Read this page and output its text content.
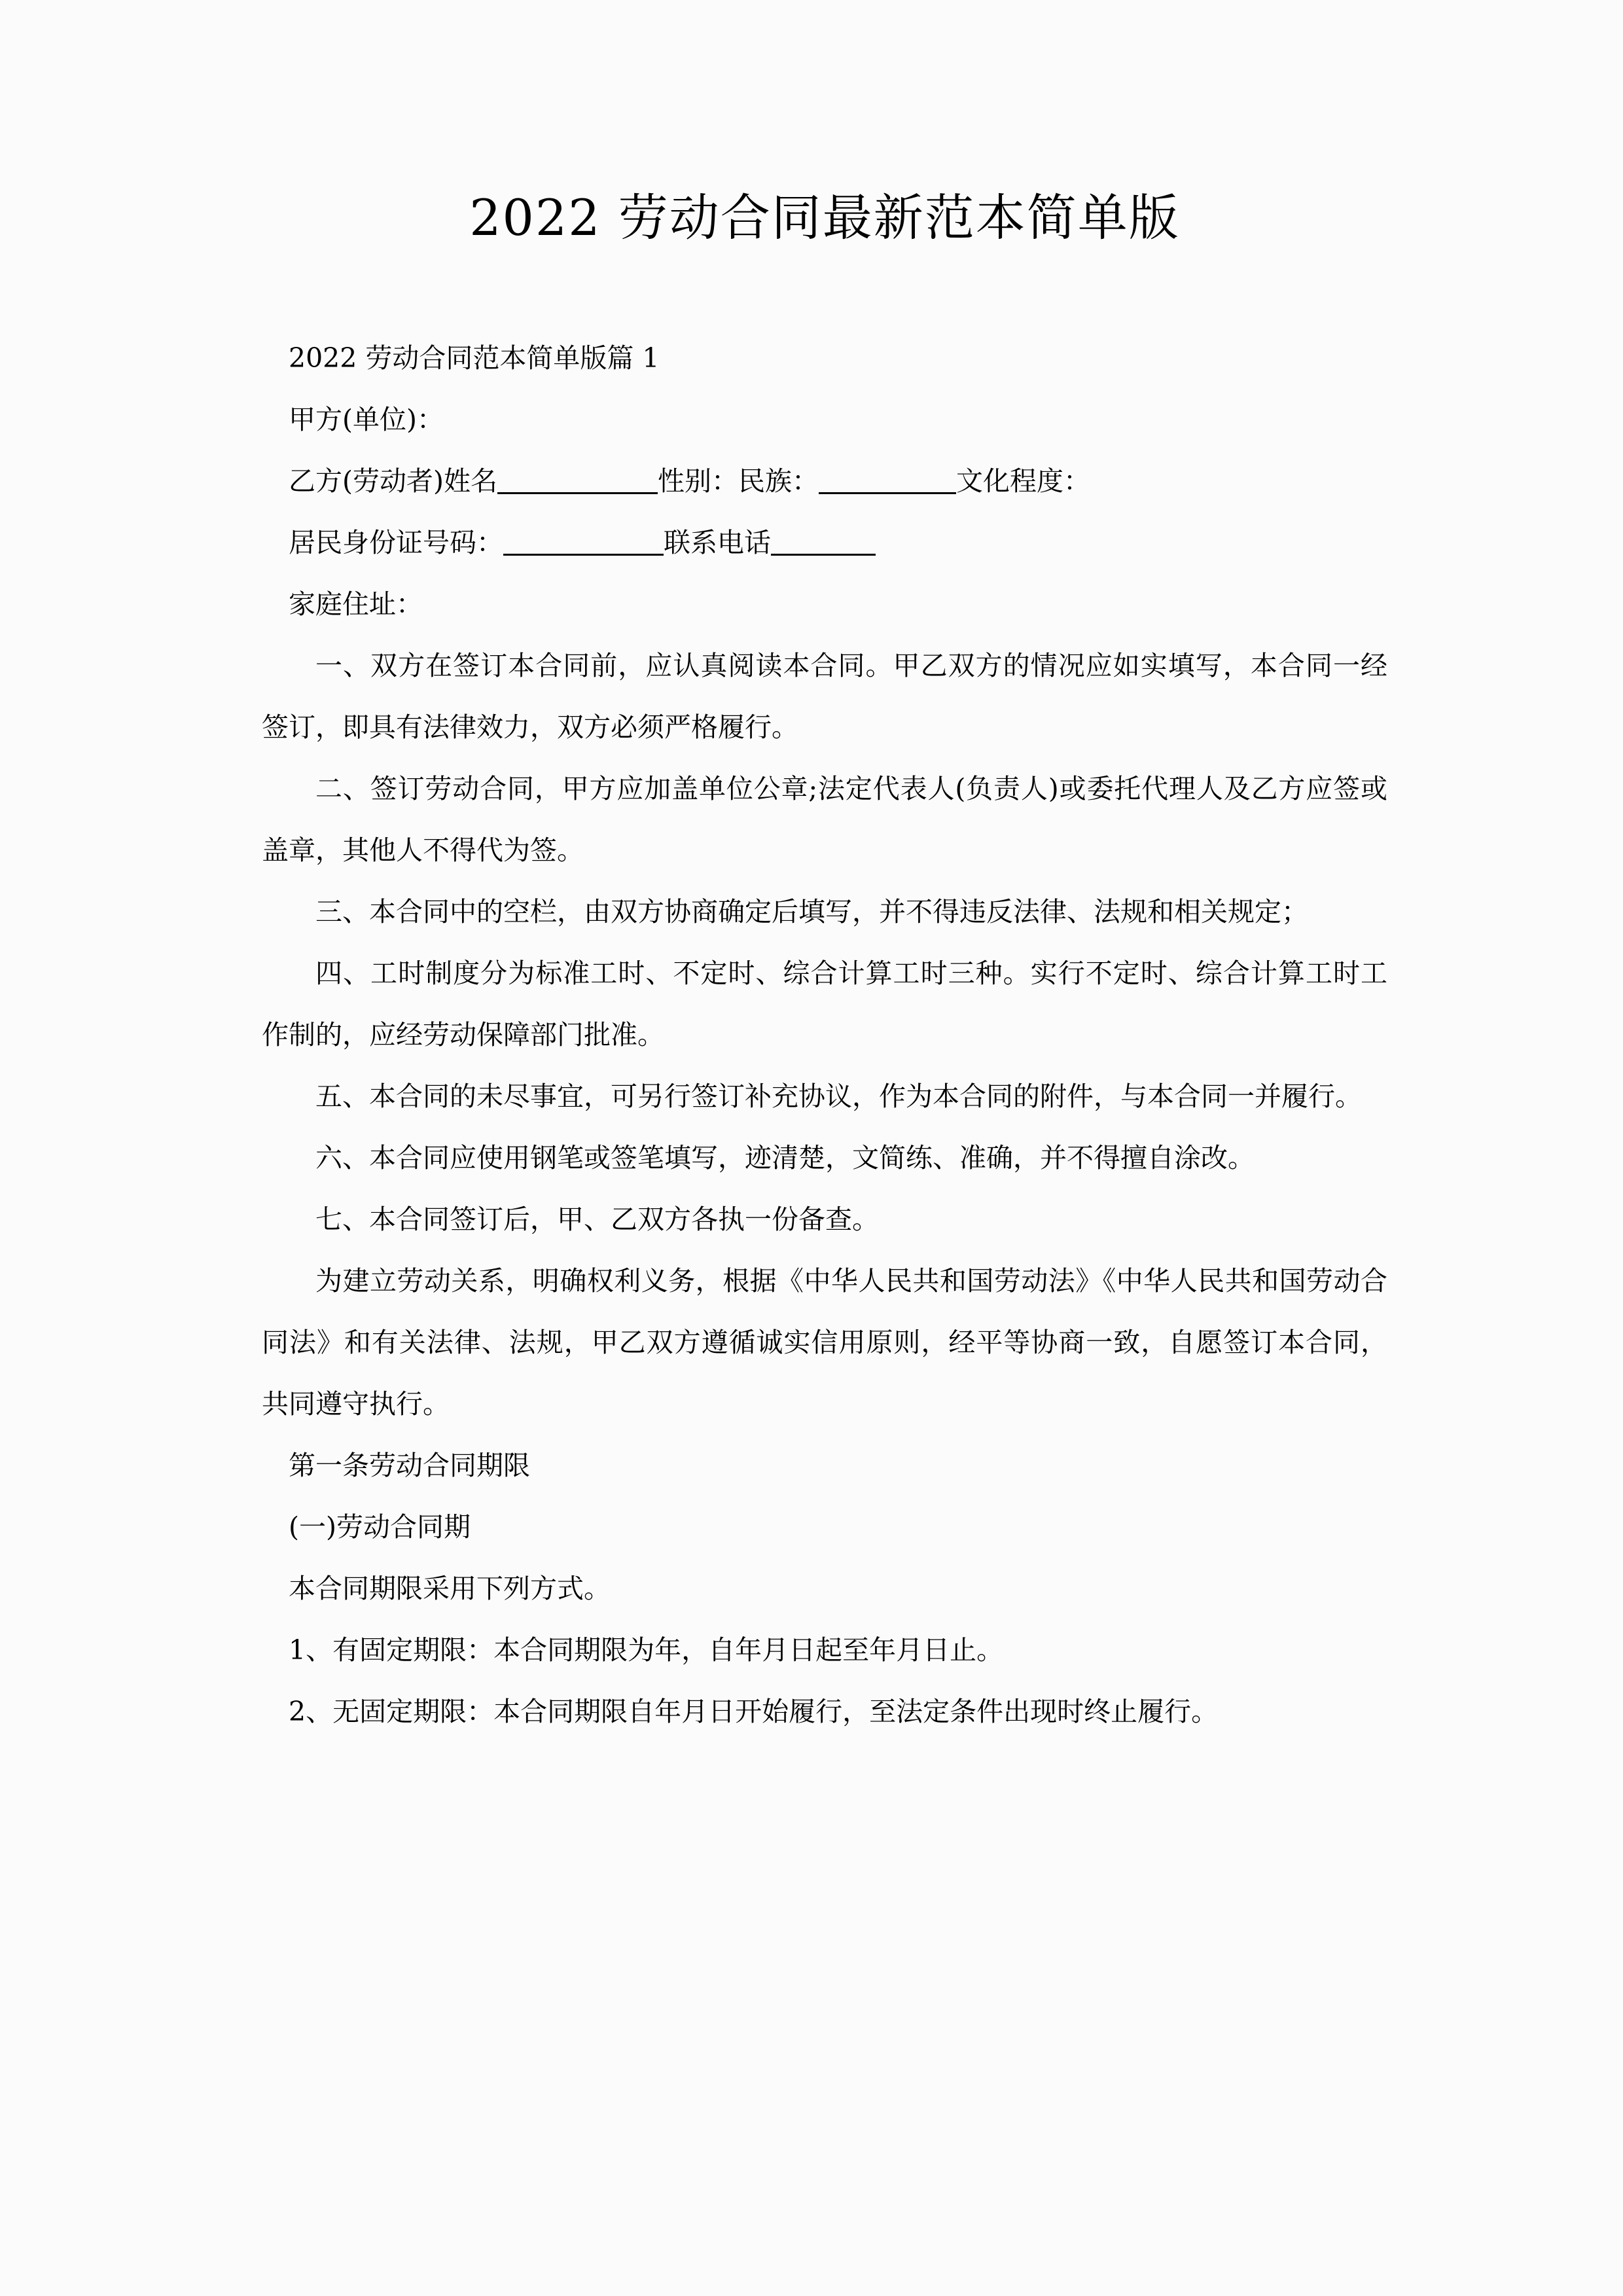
2022 劳动合同最新范本简单版

2022 劳动合同范本简单版篇 1

甲方(单位)：

乙方(劳动者)姓名	性别：民族：	文化程度：

居民身份证号码：	联系电话

家庭住址：

一、双方在签订本合同前，应认真阅读本合同。甲乙双方的情况应如实填写，本合同一经签订，即具有法律效力，双方必须严格履行。

二、签订劳动合同，甲方应加盖单位公章;法定代表人(负责人)或委托代理人及乙方应签或盖章，其他人不得代为签。

三、本合同中的空栏，由双方协商确定后填写，并不得违反法律、法规和相关规定；

四、工时制度分为标准工时、不定时、综合计算工时三种。实行不定时、综合计算工时工作制的，应经劳动保障部门批准。

五、本合同的未尽事宜，可另行签订补充协议，作为本合同的附件，与本合同一并履行。

六、本合同应使用钢笔或签笔填写，迹清楚，文简练、准确，并不得擅自涂改。

七、本合同签订后，甲、乙双方各执一份备查。

为建立劳动关系，明确权利义务，根据《中华人民共和国劳动法》《中华人民共和国劳动合同法》和有关法律、法规，甲乙双方遵循诚实信用原则，经平等协商一致，自愿签订本合同，共同遵守执行。

第一条劳动合同期限

(一)劳动合同期

本合同期限采用下列方式。

1、有固定期限：本合同期限为年，自年月日起至年月日止。

2、无固定期限：本合同期限自年月日开始履行，至法定条件出现时终止履行。
